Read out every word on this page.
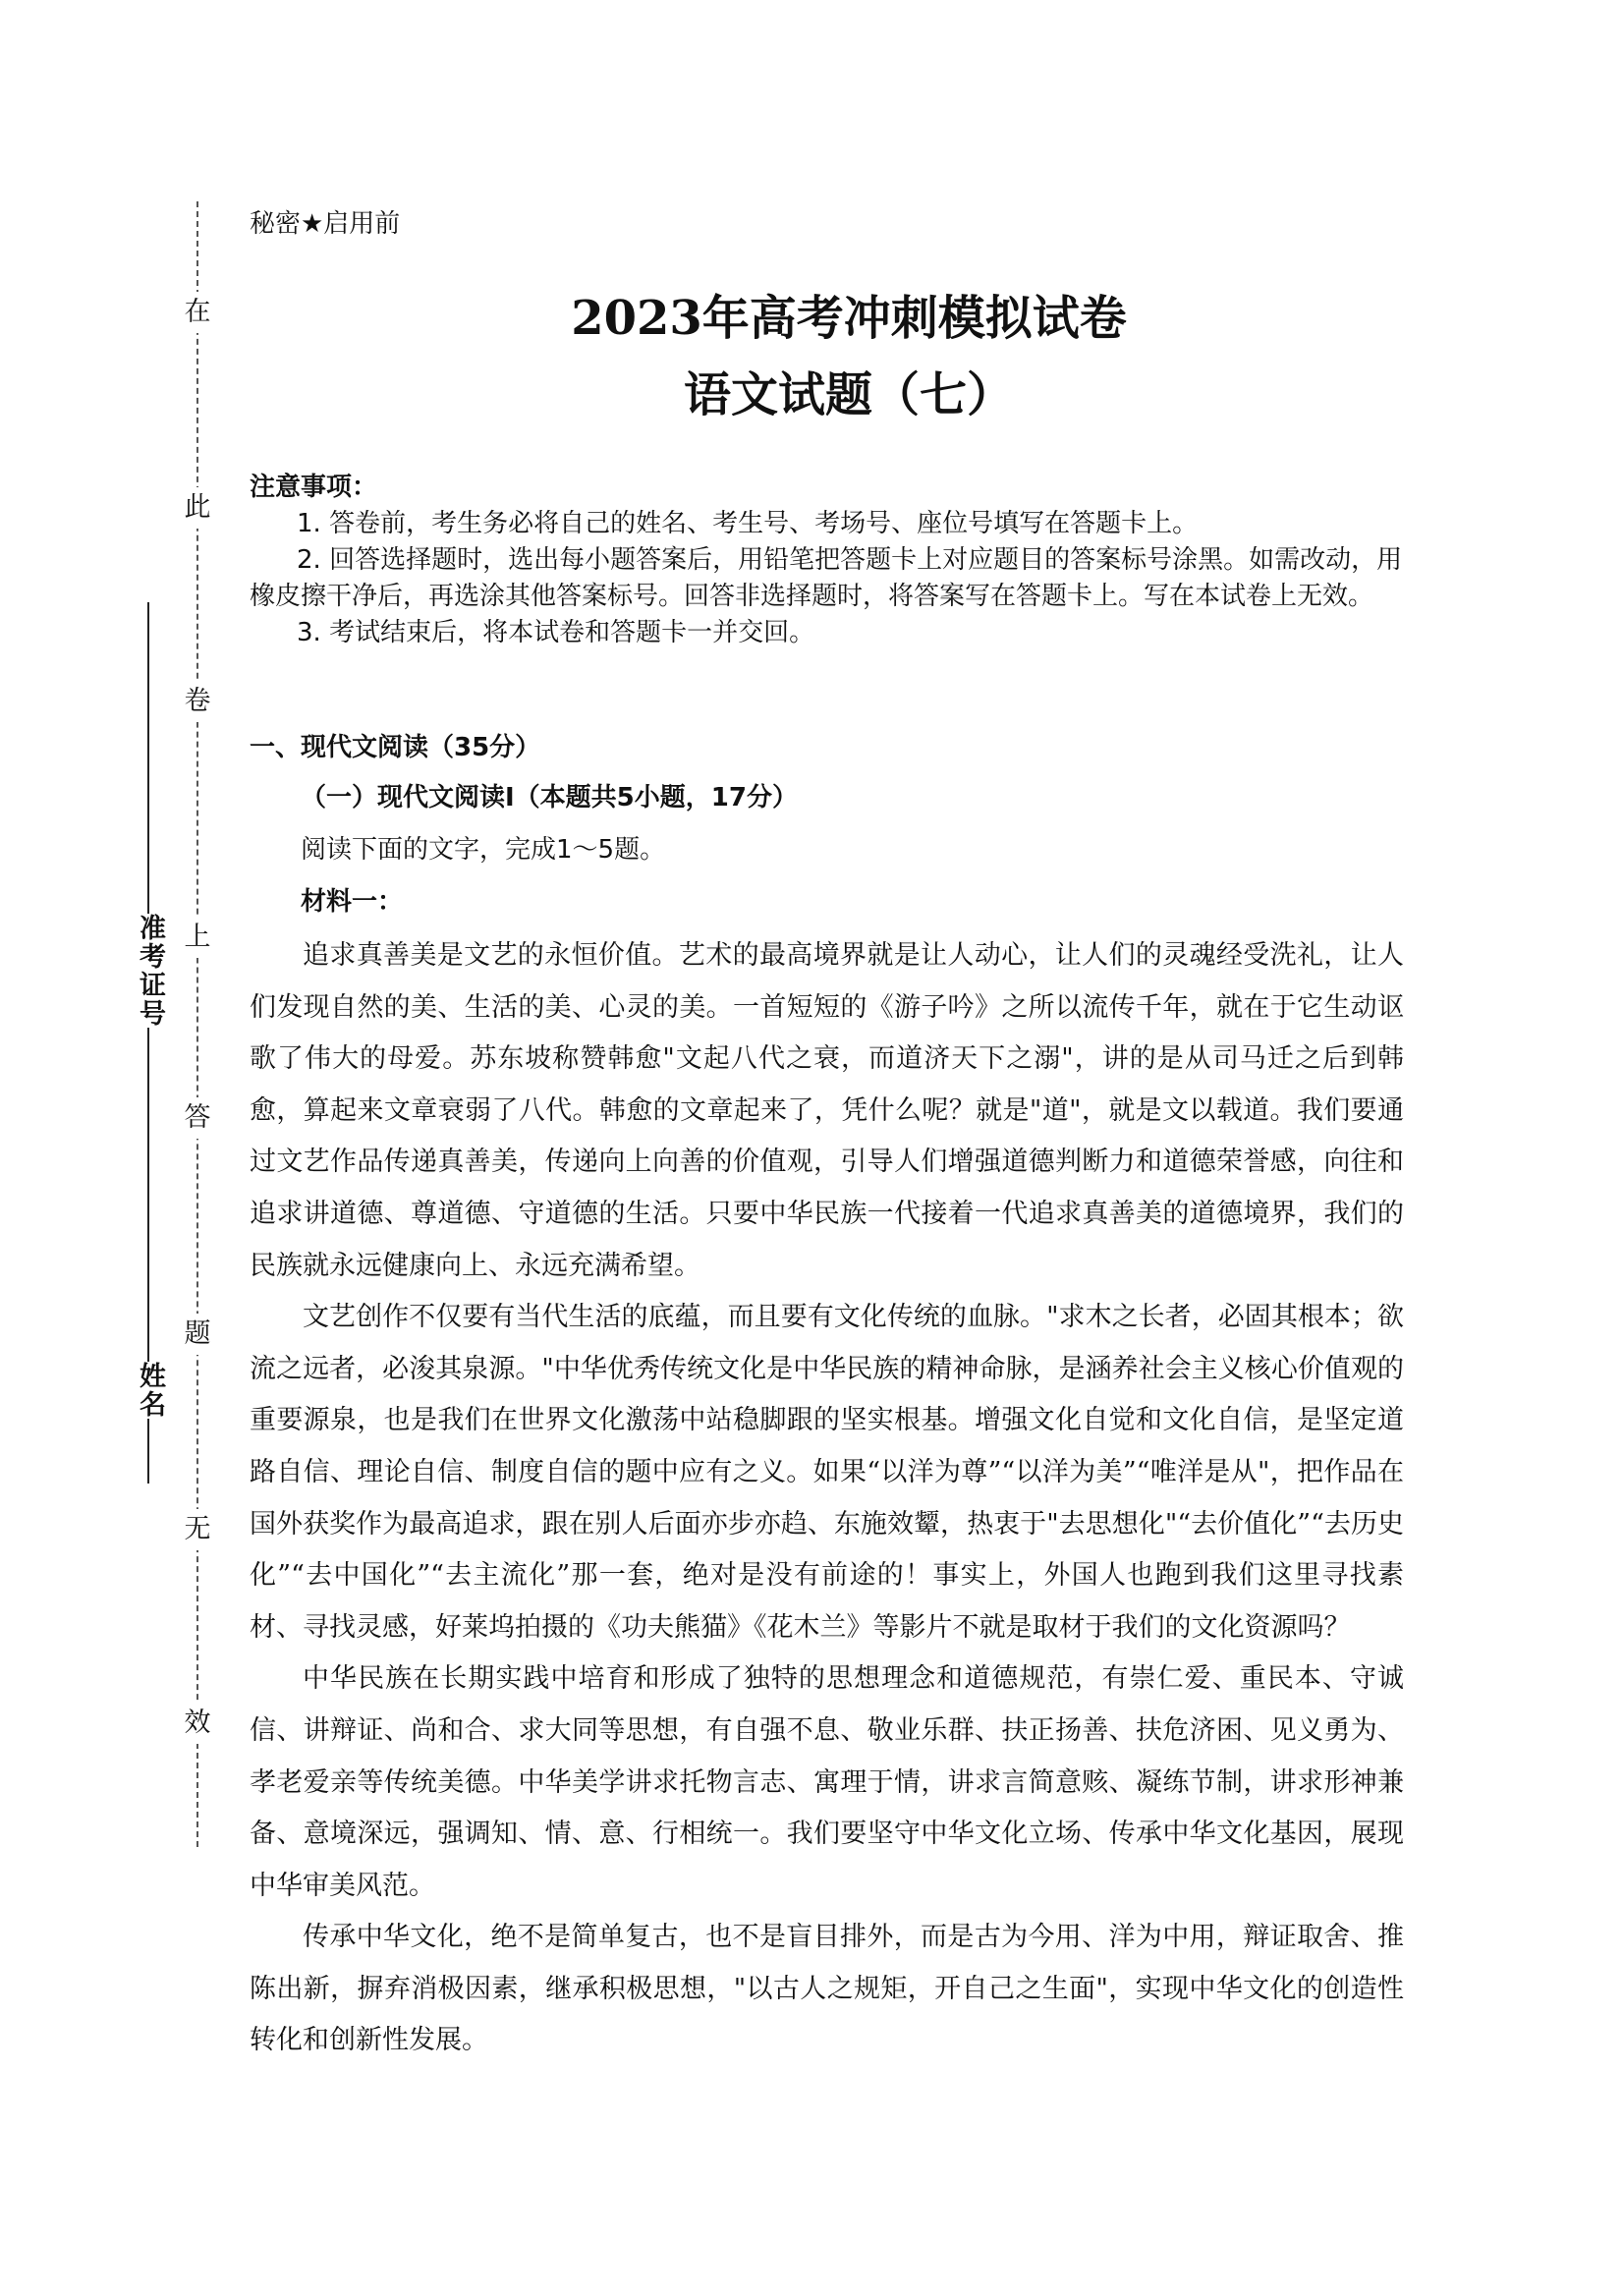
在
此
卷
上
答
题
无
效
准考证号
姓名
秘密★启用前
2023年高考冲刺模拟试卷
语文试题（七）

注意事项：

1. 答卷前，考生务必将自己的姓名、考生号、考场号、座位号填写在答题卡上。

2. 回答选择题时，选出每小题答案后，用铅笔把答题卡上对应题目的答案标号涂黑。如需改动，用橡皮擦干净后，再选涂其他答案标号。回答非选择题时，将答案写在答题卡上。写在本试卷上无效。

3. 考试结束后，将本试卷和答题卡一并交回。

一、现代文阅读（35分）
（一）现代文阅读Ⅰ（本题共5小题，17分）
阅读下面的文字，完成1～5题。
材料一：

追求真善美是文艺的永恒价值。艺术的最高境界就是让人动心，让人们的灵魂经受洗礼，让人们发现自然的美、生活的美、心灵的美。一首短短的《游子吟》之所以流传千年，就在于它生动讴歌了伟大的母爱。苏东坡称赞韩愈"文起八代之衰，而道济天下之溺"，讲的是从司马迁之后到韩愈，算起来文章衰弱了八代。韩愈的文章起来了，凭什么呢？就是"道"，就是文以载道。我们要通过文艺作品传递真善美，传递向上向善的价值观，引导人们增强道德判断力和道德荣誉感，向往和追求讲道德、尊道德、守道德的生活。只要中华民族一代接着一代追求真善美的道德境界，我们的民族就永远健康向上、永远充满希望。

文艺创作不仅要有当代生活的底蕴，而且要有文化传统的血脉。"求木之长者，必固其根本；欲流之远者，必浚其泉源。"中华优秀传统文化是中华民族的精神命脉，是涵养社会主义核心价值观的重要源泉，也是我们在世界文化激荡中站稳脚跟的坚实根基。增强文化自觉和文化自信，是坚定道路自信、理论自信、制度自信的题中应有之义。如果“以洋为尊”“以洋为美”“唯洋是从"，把作品在国外获奖作为最高追求，跟在别人后面亦步亦趋、东施效颦，热衷于"去思想化"“去价值化”“去历史化”“去中国化”“去主流化”那一套，绝对是没有前途的！事实上，外国人也跑到我们这里寻找素材、寻找灵感，好莱坞拍摄的《功夫熊猫》《花木兰》等影片不就是取材于我们的文化资源吗？

中华民族在长期实践中培育和形成了独特的思想理念和道德规范，有崇仁爱、重民本、守诚信、讲辩证、尚和合、求大同等思想，有自强不息、敬业乐群、扶正扬善、扶危济困、见义勇为、孝老爱亲等传统美德。中华美学讲求托物言志、寓理于情，讲求言简意赅、凝练节制，讲求形神兼备、意境深远，强调知、情、意、行相统一。我们要坚守中华文化立场、传承中华文化基因，展现中华审美风范。

传承中华文化，绝不是简单复古，也不是盲目排外，而是古为今用、洋为中用，辩证取舍、推陈出新，摒弃消极因素，继承积极思想，"以古人之规矩，开自己之生面"，实现中华文化的创造性转化和创新性发展。
